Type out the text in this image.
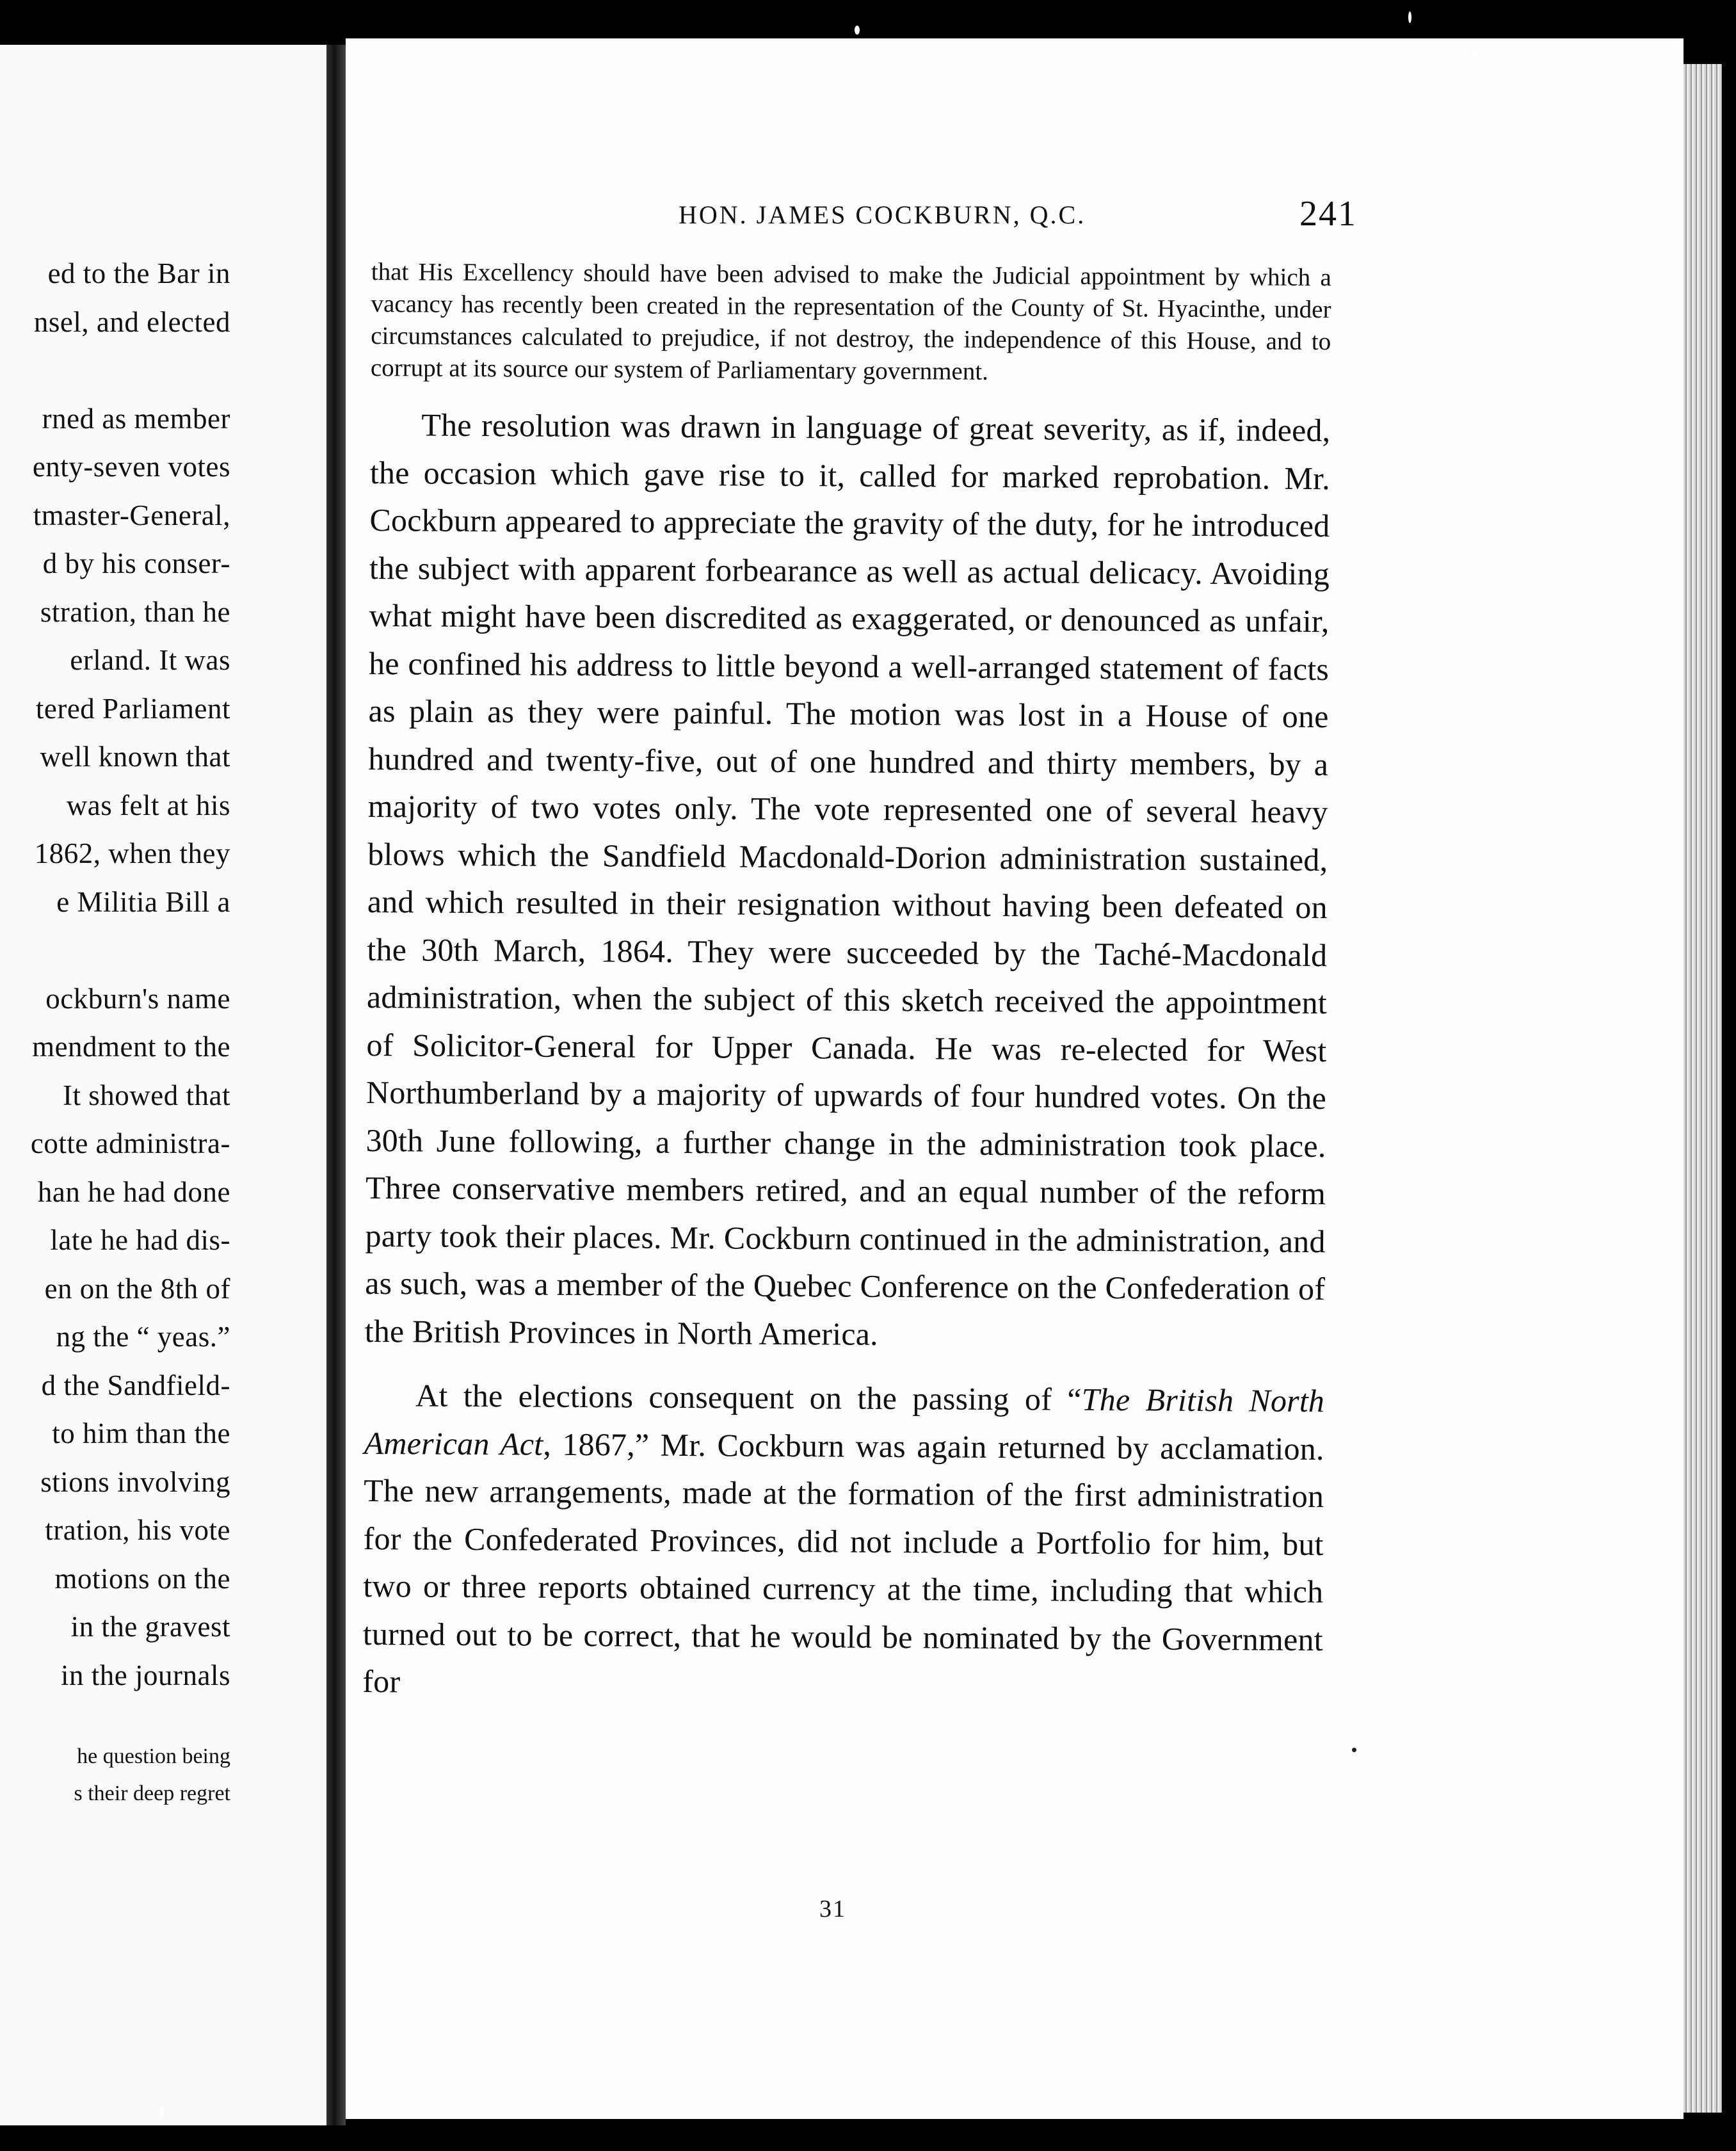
ed to the Bar in
nsel, and elected

rned as member
enty-seven votes
tmaster-General,
d by his conser-
stration, than he
erland. It was
tered Parliament
well known that
was felt at his
1862, when they
e Militia Bill a

ockburn's name
mendment to the
It showed that
cotte administra-
han he had done
late he had dis-
en on the 8th of
ng the “ yeas.”
d the Sandfield-
to him than the
stions involving
tration, his vote
motions on the
in the gravest
in the journals
he question being
s their deep regret
HON. JAMES COCKBURN, Q.C.	241

that His Excellency should have been advised to make the Judicial appointment by which a vacancy has recently been created in the representation of the County of St. Hyacinthe, under circumstances calculated to prejudice, if not destroy, the independence of this House, and to corrupt at its source our system of Parliamentary government.

The resolution was drawn in language of great severity, as if, indeed, the occasion which gave rise to it, called for marked reprobation. Mr. Cockburn appeared to appreciate the gravity of the duty, for he introduced the subject with apparent forbearance as well as actual delicacy. Avoiding what might have been discredited as exaggerated, or denounced as unfair, he confined his address to little beyond a well-arranged statement of facts as plain as they were painful. The motion was lost in a House of one hundred and twenty-five, out of one hundred and thirty members, by a majority of two votes only. The vote represented one of several heavy blows which the Sandfield Macdonald-Dorion administration sustained, and which resulted in their resignation without having been defeated on the 30th March, 1864. They were succeeded by the Taché-Macdonald administration, when the subject of this sketch received the appointment of Solicitor-General for Upper Canada. He was re-elected for West Northumberland by a majority of upwards of four hundred votes. On the 30th June following, a further change in the administration took place. Three conservative members retired, and an equal number of the reform party took their places. Mr. Cockburn continued in the administration, and as such, was a member of the Quebec Conference on the Confederation of the British Provinces in North America.

At the elections consequent on the passing of “The British North American Act, 1867,” Mr. Cockburn was again returned by acclamation. The new arrangements, made at the formation of the first administration for the Confederated Provinces, did not include a Portfolio for him, but two or three reports obtained currency at the time, including that which turned out to be correct, that he would be nominated by the Government for

31
